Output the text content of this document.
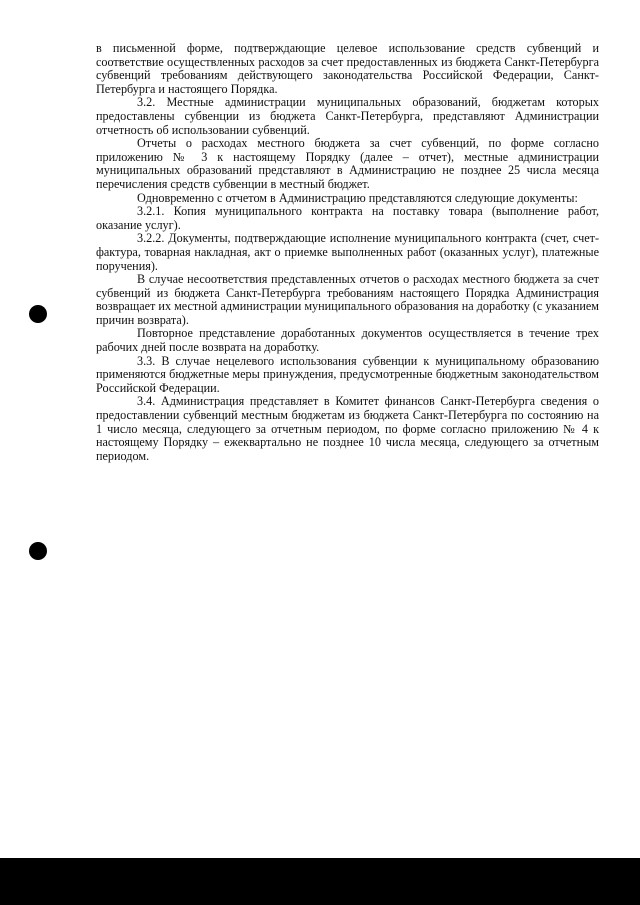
в письменной форме, подтверждающие целевое использование средств субвенций и соответствие осуществленных расходов за счет предоставленных из бюджета Санкт-Петербурга субвенций требованиям действующего законодательства Российской Федерации, Санкт-Петербурга и настоящего Порядка.

3.2. Местные администрации муниципальных образований, бюджетам которых предоставлены субвенции из бюджета Санкт-Петербурга, представляют Администрации отчетность об использовании субвенций.

Отчеты о расходах местного бюджета за счет субвенций, по форме согласно приложению № 3 к настоящему Порядку (далее – отчет), местные администрации муниципальных образований представляют в Администрацию не позднее 25 числа месяца перечисления средств субвенции в местный бюджет.

Одновременно с отчетом в Администрацию представляются следующие документы:

3.2.1. Копия муниципального контракта на поставку товара (выполнение работ, оказание услуг).

3.2.2. Документы, подтверждающие исполнение муниципального контракта (счет, счет-фактура, товарная накладная, акт о приемке выполненных работ (оказанных услуг), платежные поручения).

В случае несоответствия представленных отчетов о расходах местного бюджета за счет субвенций из бюджета Санкт-Петербурга требованиям настоящего Порядка Администрация возвращает их местной администрации муниципального образования на доработку (с указанием причин возврата).

Повторное представление доработанных документов осуществляется в течение трех рабочих дней после возврата на доработку.

3.3. В случае нецелевого использования субвенции к муниципальному образованию применяются бюджетные меры принуждения, предусмотренные бюджетным законодательством Российской Федерации.

3.4. Администрация представляет в Комитет финансов Санкт-Петербурга сведения о предоставлении субвенций местным бюджетам из бюджета Санкт-Петербурга по состоянию на 1 число месяца, следующего за отчетным периодом, по форме согласно приложению № 4 к настоящему Порядку – ежеквартально не позднее 10 числа месяца, следующего за отчетным периодом.
